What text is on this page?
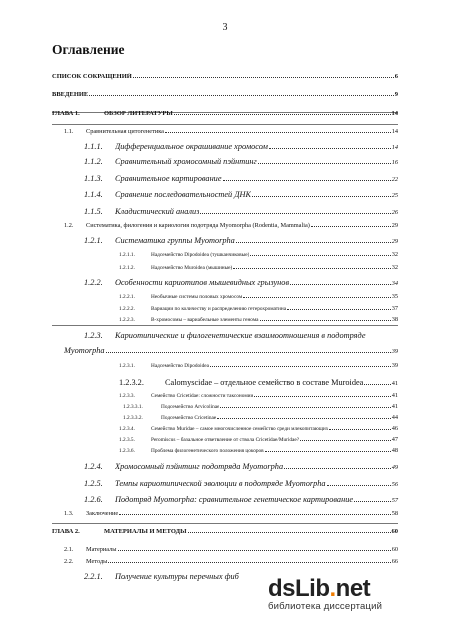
3
Оглавление
СПИСОК СОКРАЩЕНИЙ	6
ВВЕДЕНИЕ	9
ГЛАВА 1.	ОБЗОР ЛИТЕРАТУРЫ	14
1.1.	Сравнительная цитогенетика	14
1.1.1.	Дифференциальное окрашивание хромосом	14
1.1.2.	Сравнительный хромосомный пэйнтинг	16
1.1.3.	Сравнительное картирование	22
1.1.4.	Сравнение последовательностей ДНК	25
1.1.5.	Кладистический анализ	26
1.2.	Систематика, филогения и кариология подотряда Myomorpha (Rodentia, Mammalia)	29
1.2.1.	Систематика группы Myomorpha	29
1.2.1.1.	Надсемейство Dipodoidea (тушканчиковые)	32
1.2.1.2.	Надсемейство Muroidea (мышиные)	32
1.2.2.	Особенности кариотипов мышевидных грызунов	34
1.2.2.1.	Необычные системы половых хромосом	35
1.2.2.2.	Вариации по количеству и распределению гетерохроматина	37
1.2.2.3.	В-хромосомы – вариабельные элементы генома	38
1.2.3.	Кариотипические и филогенетические взаимоотношения в подотряде
Myomorpha	39
1.2.3.1.	Надсемейство Dipodoidea	39
1.2.3.2.	Calomyscidae – отдельное семейство в составе Muroidea	41
1.2.3.3.	Семейство Cricetidae: сложности таксономии	41
1.2.3.3.1.	Подсемейство Arvicolinae	41
1.2.3.3.2.	Подсемейство Cricetinae	44
1.2.3.4.	Семейство Muridae – самое многочисленное семейство среди млекопитающих	46
1.2.3.5.	Peromiscus – базальное ответвление от ствола Cricetidae/Muridae?	47
1.2.3.6.	Проблема филогенетического положения цокоров	48
1.2.4.	Хромосомный пэйнтинг подотряда Myomorpha	49
1.2.5.	Темпы кариотипической эволюции в подотряде Myomorpha	56
1.2.6.	Подотряд Myomorpha: сравнительное генетическое картирование	57
1.3.	Заключение	58
ГЛАВА 2.	МАТЕРИАЛЫ И МЕТОДЫ	60
2.1.	Материалы	60
2.2.	Методы	66
2.2.1.	Получение культуры перечных фиб dsLib.net
библиотека диссертаций
